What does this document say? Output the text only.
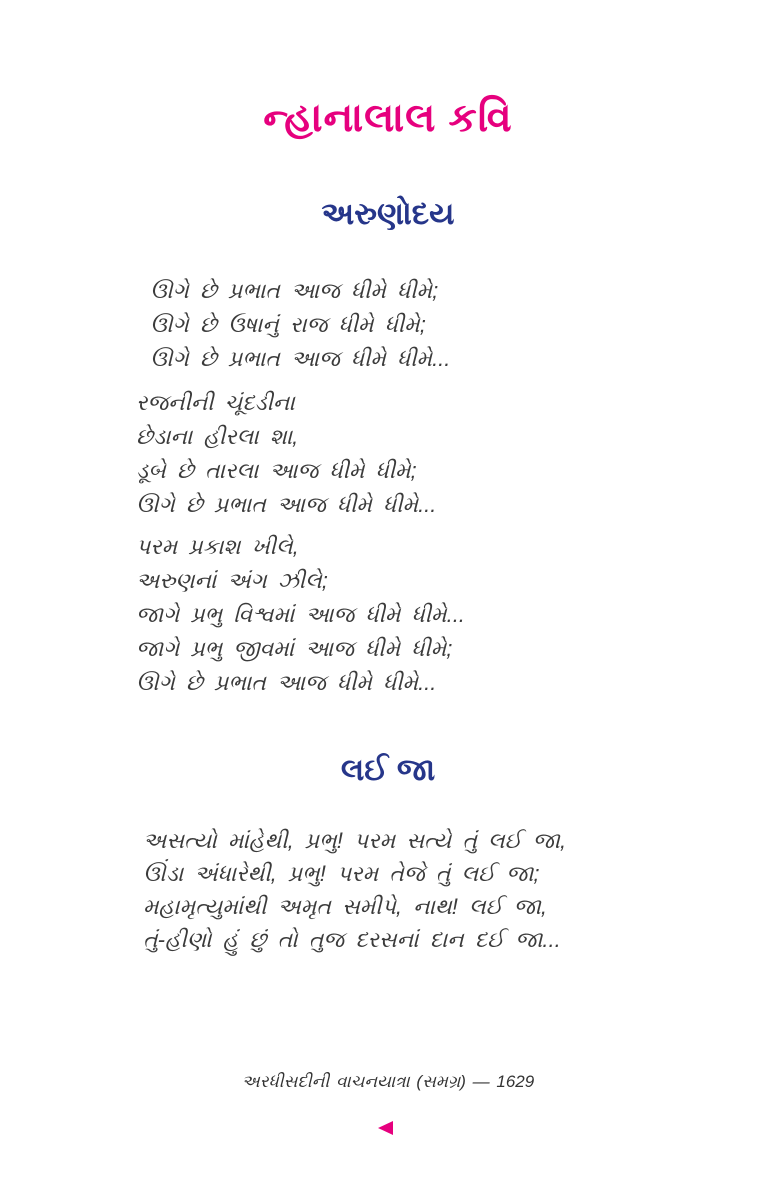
ન્હાનાલાલ કવિ
અરુણોદય

ઊગે છે પ્રભાત આજ ધીમે ધીમે;

ઊગે છે ઉષાનું રાજ ધીમે ધીમે;

ઊગે છે પ્રભાત આજ ધીમે ધીમે...

રજનીની ચૂંદડીના

છેડાના હીરલા શા,

ડૂબે છે તારલા આજ ધીમે ધીમે;

ઊગે છે પ્રભાત આજ ધીમે ધીમે...

પરમ પ્રકાશ ખીલે,

અરુણનાં અંગ ઝીલે;

જાગે પ્રભુ વિશ્વમાં આજ ધીમે ધીમે...

જાગે પ્રભુ જીવમાં આજ ધીમે ધીમે;

ઊગે છે પ્રભાત આજ ધીમે ધીમે...

લઈ જા

અસત્યો માંહેથી, પ્રભુ! પરમ સત્યે તું લઈ જા,

ઊંડા અંધારેથી, પ્રભુ! પરમ તેજે તું લઈ જા;

મહામૃત્યુમાંથી અમૃત સમીપે, નાથ! લઈ જા,

તું-હીણો હું છું તો તુજ દરસનાં દાન દઈ જા...

અરધીસદીની વાચનયાત્રા (સમગ્ર) — 1629
